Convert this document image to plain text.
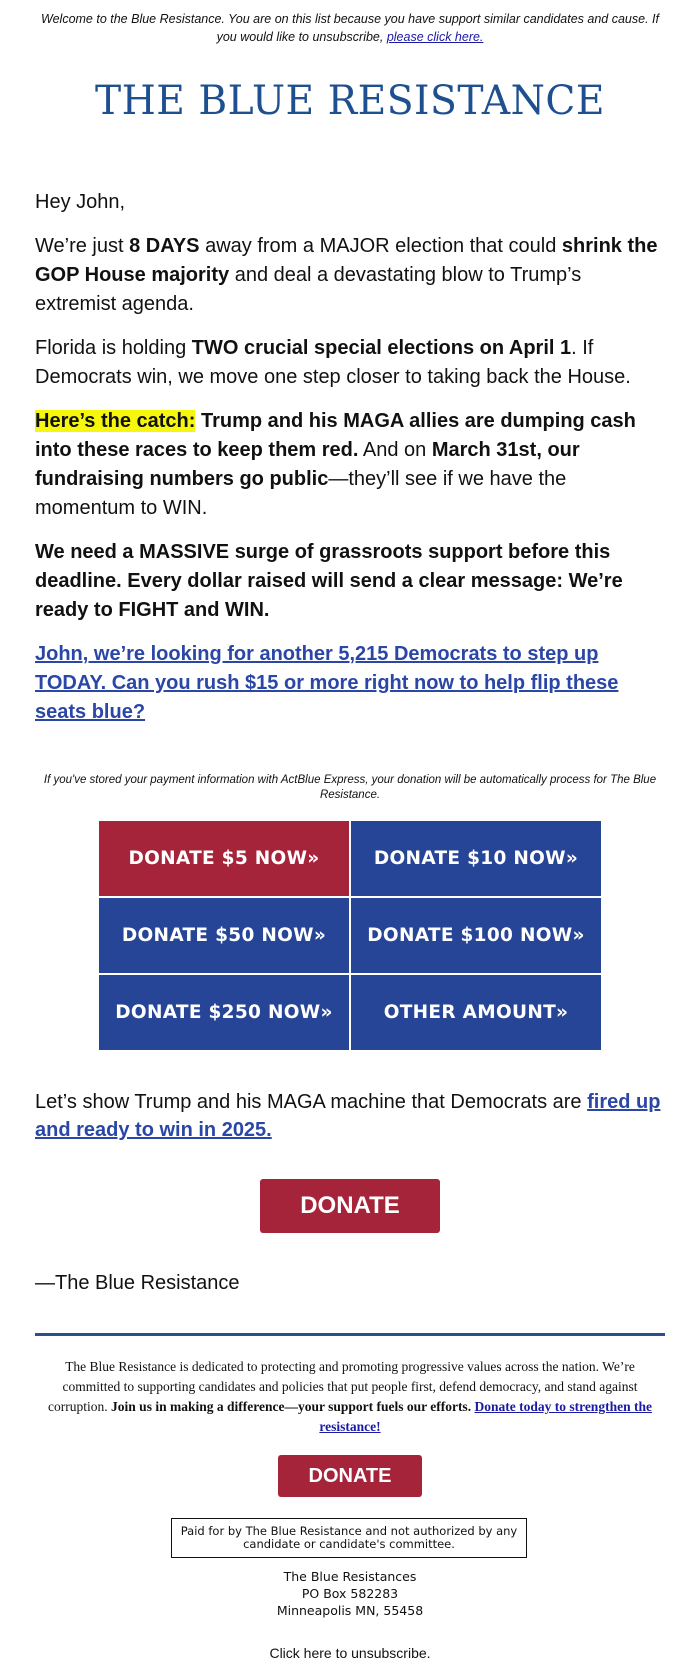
Welcome to the Blue Resistance. You are on this list because you have support similar candidates and cause. If you would like to unsubscribe, please click here.
THE BLUE RESISTANCE
Hey John,
We’re just 8 DAYS away from a MAJOR election that could shrink the GOP House majority and deal a devastating blow to Trump’s extremist agenda.
Florida is holding TWO crucial special elections on April 1. If Democrats win, we move one step closer to taking back the House.
Here’s the catch: Trump and his MAGA allies are dumping cash into these races to keep them red. And on March 31st, our fundraising numbers go public—they’ll see if we have the momentum to WIN.
We need a MASSIVE surge of grassroots support before this deadline. Every dollar raised will send a clear message: We’re ready to FIGHT and WIN.
John, we’re looking for another 5,215 Democrats to step up TODAY. Can you rush $15 or more right now to help flip these seats blue?
If you've stored your payment information with ActBlue Express, your donation will be automatically process for The Blue Resistance.
DONATE $5 NOW»	DONATE $10 NOW»
DONATE $50 NOW»	DONATE $100 NOW»
DONATE $250 NOW»	OTHER AMOUNT»
Let’s show Trump and his MAGA machine that Democrats are fired up and ready to win in 2025.
DONATE
—The Blue Resistance
The Blue Resistance is dedicated to protecting and promoting progressive values across the nation. We’re committed to supporting candidates and policies that put people first, defend democracy, and stand against corruption. Join us in making a difference—your support fuels our efforts. Donate today to strengthen the resistance!
DONATE
Paid for by The Blue Resistance and not authorized by any candidate or candidate's committee.
The Blue Resistances
PO Box 582283
Minneapolis MN, 55458
Click here to unsubscribe.
